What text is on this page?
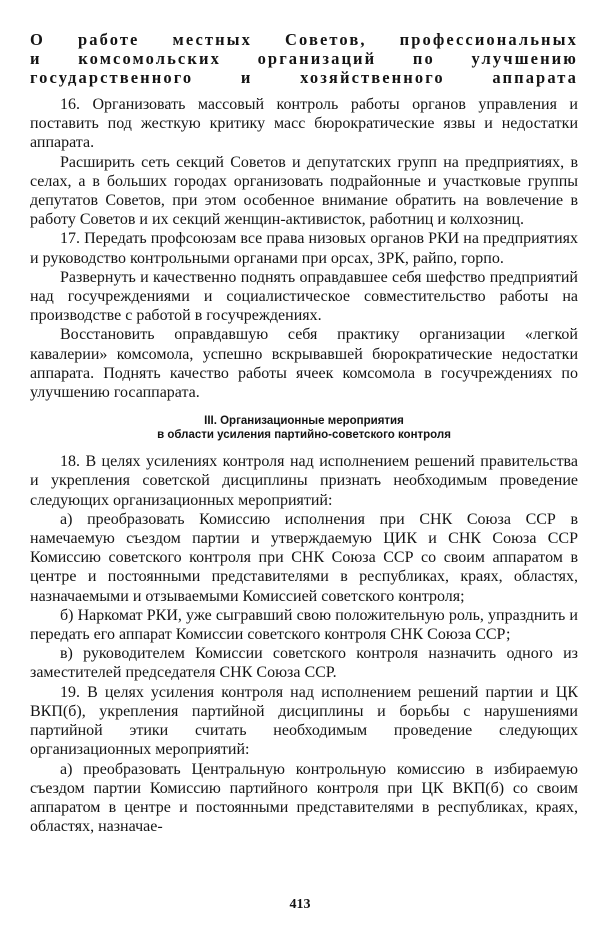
О работе местных Советов, профессиональных
и комсомольских организаций по улучшению
государственного и хозяйственного аппарата

16. Организовать массовый контроль работы органов управления и поставить под жесткую критику масс бюрократические язвы и недостатки аппарата.

Расширить сеть секций Советов и депутатских групп на предприятиях, в селах, а в больших городах организовать подрайонные и участковые группы депутатов Советов, при этом особенное внимание обратить на вовлечение в работу Советов и их секций женщин-активисток, работниц и колхозниц.

17. Передать профсоюзам все права низовых органов РКИ на предприятиях и руководство контрольными органами при орсах, ЗРК, райпо, горпо.

Развернуть и качественно поднять оправдавшее себя шефство предприятий над госучреждениями и социалистическое совместительство работы на производстве с работой в госучреждениях.

Восстановить оправдавшую себя практику организации «легкой кавалерии» комсомола, успешно вскрывавшей бюрократические недостатки аппарата. Поднять качество работы ячеек комсомола в госучреждениях по улучшению госаппарата.

III. Организационные мероприятия
в области усиления партийно-советского контроля

18. В целях усилениях контроля над исполнением решений правительства и укрепления советской дисциплины признать необходимым проведение следующих организационных мероприятий:

а) преобразовать Комиссию исполнения при СНК Союза ССР в намечаемую съездом партии и утверждаемую ЦИК и СНК Союза ССР Комиссию советского контроля при СНК Союза ССР со своим аппаратом в центре и постоянными представителями в республиках, краях, областях, назначаемыми и отзываемыми Комиссией советского контроля;

б) Наркомат РКИ, уже сыгравший свою положительную роль, упразднить и передать его аппарат Комиссии советского контроля СНК Союза ССР;

в) руководителем Комиссии советского контроля назначить одного из заместителей председателя СНК Союза ССР.

19. В целях усиления контроля над исполнением решений партии и ЦК ВКП(б), укрепления партийной дисциплины и борьбы с нарушениями партийной этики считать необходимым проведение следующих организационных мероприятий:

а) преобразовать Центральную контрольную комиссию в избираемую съездом партии Комиссию партийного контроля при ЦК ВКП(б) со своим аппаратом в центре и постоянными представителями в республиках, краях, областях, назначае-

413
